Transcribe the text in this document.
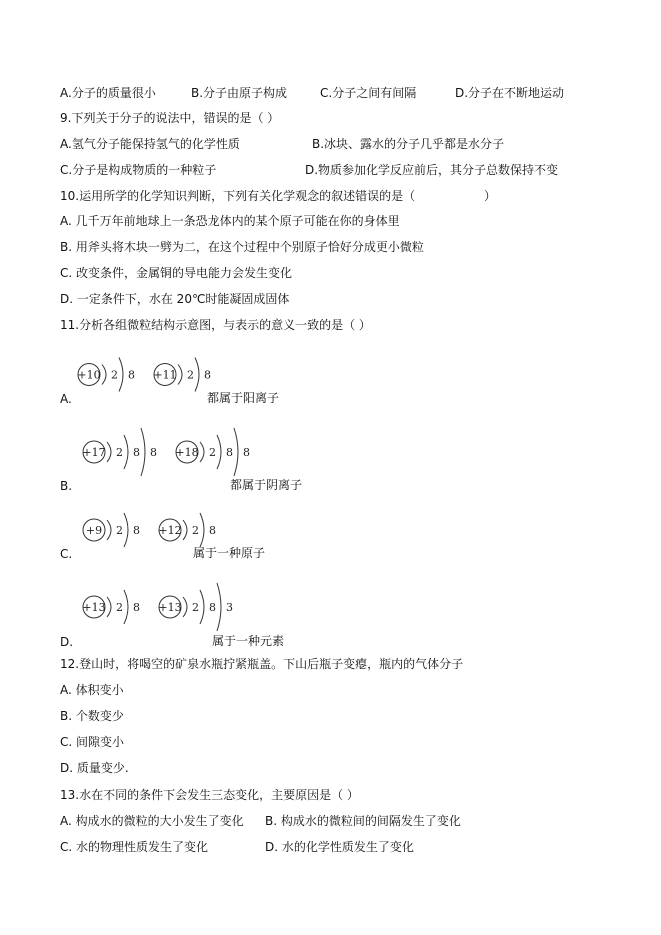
A.分子的质量很小	B.分子由原子构成	C.分子之间有间隔	D.分子在不断地运动
9.下列关于分子的说法中，错误的是（ ）
A.氢气分子能保持氢气的化学性质	B.冰块、露水的分子几乎都是水分子
C.分子是构成物质的一种粒子	D.物质参加化学反应前后，其分子总数保持不变
10.运用所学的化学知识判断，下列有关化学观念的叙述错误的是（	）
A. 几千万年前地球上一条恐龙体内的某个原子可能在你的身体里
B. 用斧头将木块一劈为二，在这个过程中个别原子恰好分成更小微粒
C. 改变条件，金属铜的导电能力会发生变化
D. 一定条件下，水在 20℃时能凝固成固体
11.分析各组微粒结构示意图，与表示的意义一致的是（ ）
A.
+10 2 8 +11 2 8
都属于阳离子
B.
+17 2 8 8 +18 2 8 8
都属于阴离子
C.
+9 2 8 +12 2 8
属于一种原子
D.
+13 2 8 +13 2 8 3
属于一种元素
12.登山时，将喝空的矿泉水瓶拧紧瓶盖。下山后瓶子变瘪，瓶内的气体分子
A. 体积变小
B. 个数变少
C. 间隙变小
D. 质量变少.
13.水在不同的条件下会发生三态变化，主要原因是（ ）
A. 构成水的微粒的大小发生了变化 B. 构成水的微粒间的间隔发生了变化
C. 水的物理性质发生了变化	D. 水的化学性质发生了变化
